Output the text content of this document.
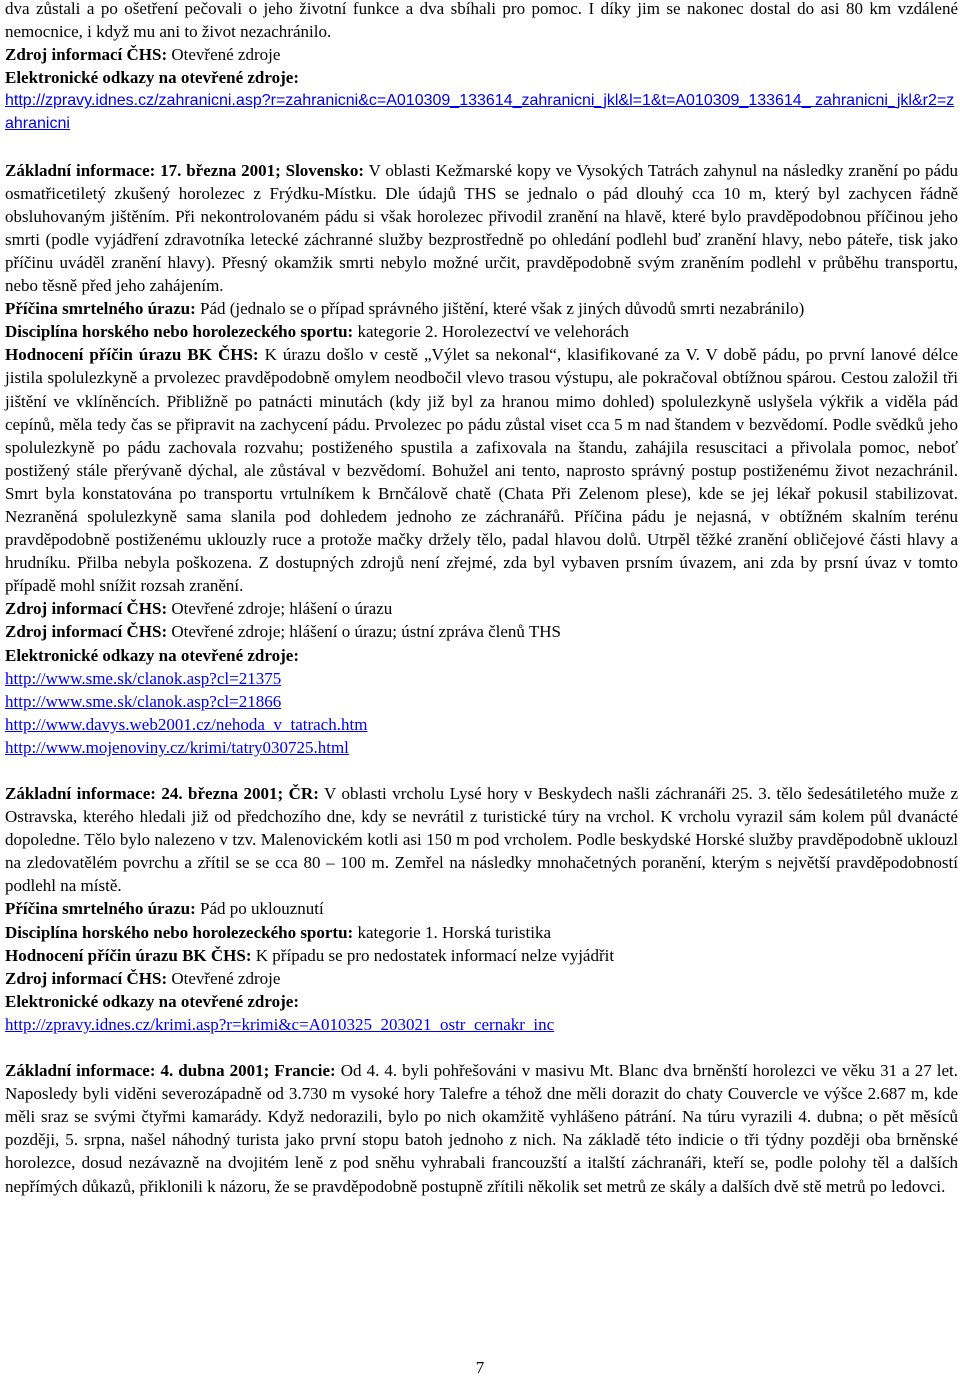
dva zůstali a po ošetření pečovali o jeho životní funkce a dva sbíhali pro pomoc. I díky jim se nakonec dostal do asi 80 km vzdálené nemocnice, i když mu ani to život nezachránilo.

Zdroj informací ČHS: Otevřené zdroje
Elektronické odkazy na otevřené zdroje:
http://zpravy.idnes.cz/zahranicni.asp?r=zahranicni&c=A010309_133614_zahranicni_jkl&l=1&t=A010309_133614_ zahranicni_jkl&r2=zahranicni

Základní informace: 17. března 2001; Slovensko: V oblasti Kežmarské kopy ve Vysokých Tatrách zahynul na následky zranění po pádu osmatřicetiletý zkušený horolezec z Frýdku-Místku. Dle údajů THS se jednalo o pád dlouhý cca 10 m, který byl zachycen řádně obsluhovaným jištěním. Při nekontrolovaném pádu si však horolezec přivodil zranění na hlavě, které bylo pravděpodobnou příčinou jeho smrti (podle vyjádření zdravotníka letecké záchranné služby bezprostředně po ohledání podlehl buď zranění hlavy, nebo páteře, tisk jako příčinu uváděl zranění hlavy). Přesný okamžik smrti nebylo možné určit, pravděpodobně svým zraněním podlehl v průběhu transportu, nebo těsně před jeho zahájením.

Příčina smrtelného úrazu: Pád (jednalo se o případ správného jištění, které však z jiných důvodů smrti nezabránilo)
Disciplína horského nebo horolezeckého sportu: kategorie 2. Horolezectví ve velehorách

Hodnocení příčin úrazu BK ČHS: K úrazu došlo v cestě „Výlet sa nekonal“, klasifikované za V. V době pádu, po první lanové délce jistila spolulezkyně a prvolezec pravděpodobně omylem neodbočil vlevo trasou výstupu, ale pokračoval obtížnou spárou. Cestou založil tři jištění ve vklíněncích. Přibližně po patnácti minutách (kdy již byl za hranou mimo dohled) spolulezkyně uslyšela výkřik a viděla pád cepínů, měla tedy čas se připravit na zachycení pádu. Prvolezec po pádu zůstal viset cca 5 m nad štandem v bezvědomí. Podle svědků jeho spolulezkyně po pádu zachovala rozvahu; postiženého spustila a zafixovala na štandu, zahájila resuscitaci a přivolala pomoc, neboť postižený stále přerývaně dýchal, ale zůstával v bezvědomí. Bohužel ani tento, naprosto správný postup postiženému život nezachránil. Smrt byla konstatována po transportu vrtulníkem k Brnčálově chatě (Chata Při Zelenom plese), kde se jej lékař pokusil stabilizovat. Nezraněná spolulezkyně sama slanila pod dohledem jednoho ze záchranářů. Příčina pádu je nejasná, v obtížném skalním terénu pravděpodobně postiženému uklouzly ruce a protože mačky držely tělo, padal hlavou dolů. Utrpěl těžké zranění obličejové části hlavy a hrudníku. Přilba nebyla poškozena. Z dostupných zdrojů není zřejmé, zda byl vybaven prsním úvazem, ani zda by prsní úvaz v tomto případě mohl snížit rozsah zranění.

Zdroj informací ČHS: Otevřené zdroje; hlášení o úrazu
Zdroj informací ČHS: Otevřené zdroje; hlášení o úrazu; ústní zpráva členů THS
Elektronické odkazy na otevřené zdroje:
http://www.sme.sk/clanok.asp?cl=21375
http://www.sme.sk/clanok.asp?cl=21866
http://www.davys.web2001.cz/nehoda_v_tatrach.htm
http://www.mojenoviny.cz/krimi/tatry030725.html

Základní informace: 24. března 2001; ČR: V oblasti vrcholu Lysé hory v Beskydech našli záchranáři 25. 3. tělo šedesátiletého muže z Ostravska, kterého hledali již od předchozího dne, kdy se nevrátil z turistické túry na vrchol. K vrcholu vyrazil sám kolem půl dvanácté dopoledne. Tělo bylo nalezeno v tzv. Malenovickém kotli asi 150 m pod vrcholem. Podle beskydské Horské služby pravděpodobně uklouzl na zledovatělém povrchu a zřítil se se cca 80 – 100 m. Zemřel na následky mnohačetných poranění, kterým s největší pravděpodobností podlehl na místě.

Příčina smrtelného úrazu: Pád po uklouznutí
Disciplína horského nebo horolezeckého sportu: kategorie 1. Horská turistika
Hodnocení příčin úrazu BK ČHS: K případu se pro nedostatek informací nelze vyjádřit
Zdroj informací ČHS: Otevřené zdroje
Elektronické odkazy na otevřené zdroje:
http://zpravy.idnes.cz/krimi.asp?r=krimi&c=A010325_203021_ostr_cernakr_inc

Základní informace: 4. dubna 2001; Francie: Od 4. 4. byli pohřešováni v masivu Mt. Blanc dva brněnští horolezci ve věku 31 a 27 let. Naposledy byli viděni severozápadně od 3.730 m vysoké hory Talefre a téhož dne měli dorazit do chaty Couvercle ve výšce 2.687 m, kde měli sraz se svými čtyřmi kamarády. Když nedorazili, bylo po nich okamžitě vyhlášeno pátrání. Na túru vyrazili 4. dubna; o pět měsíců později, 5. srpna, našel náhodný turista jako první stopu batoh jednoho z nich. Na základě této indicie o tři týdny později oba brněnské horolezce, dosud nezávazně na dvojitém leně z pod sněhu vyhrabali francouzští a italští záchranáři, kteří se, podle polohy těl a dalších nepřímých důkazů, přiklonili k názoru, že se pravděpodobně postupně zřítili několik set metrů ze skály a dalších dvě stě metrů po ledovci.

7
